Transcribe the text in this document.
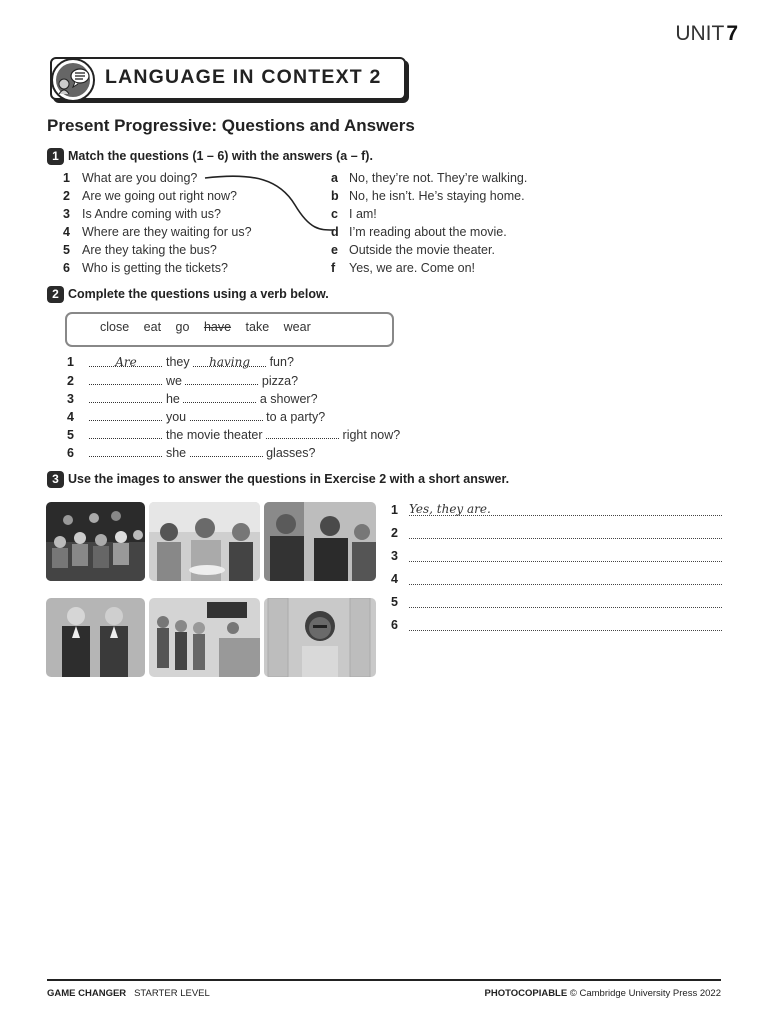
UNIT7
LANGUAGE IN CONTEXT 2
Present Progressive: Questions and Answers
1 Match the questions (1 – 6) with the answers (a – f).
1 What are you doing?
2 Are we going out right now?
3 Is Andre coming with us?
4 Where are they waiting for us?
5 Are they taking the bus?
6 Who is getting the tickets?
a No, they’re not. They’re walking.
b No, he isn’t. He’s staying home.
c I am!
d I’m reading about the movie.
e Outside the movie theater.
f Yes, we are. Come on!
2 Complete the questions using a verb below.
close eat go have take wear
1	Are they having fun?
2	we	pizza?
3	he	a shower?
4	you	to a party?
5	the movie theater	right now?
6	she	glasses?
3 Use the images to answer the questions in Exercise 2 with a short answer.
1 Yes, they are.
2
3
4
5
6
GAME CHANGER STARTER LEVEL	PHOTOCOPIABLE © Cambridge University Press 2022
